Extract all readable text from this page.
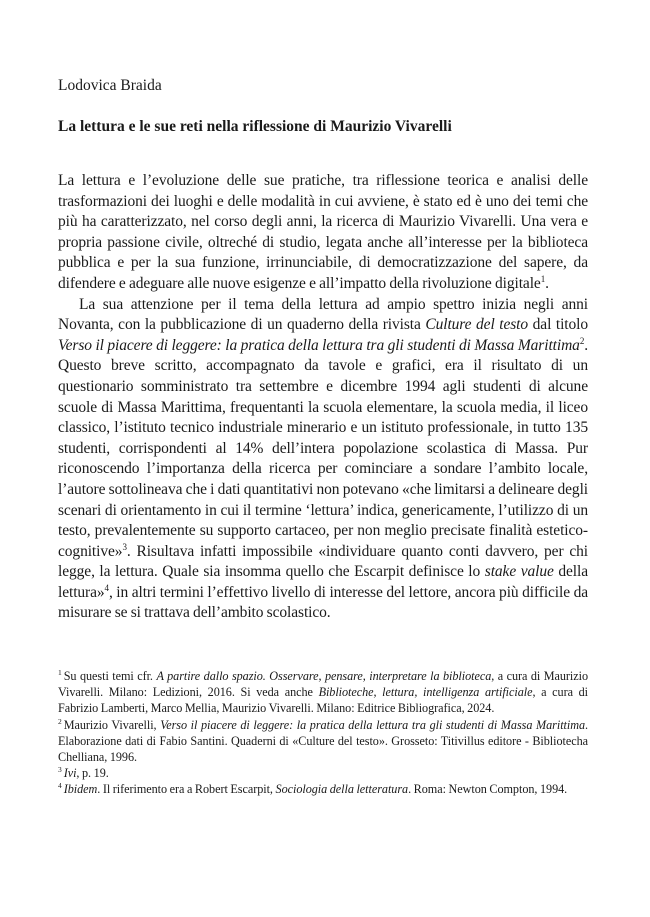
Lodovica Braida
La lettura e le sue reti nella riflessione di Maurizio Vivarelli

La lettura e l’evoluzione delle sue pratiche, tra riflessione teorica e analisi delle trasformazioni dei luoghi e delle modalità in cui avviene, è stato ed è uno dei temi che più ha caratterizzato, nel corso degli anni, la ricerca di Maurizio Vivarelli. Una vera e propria passione civile, oltreché di studio, legata anche all’interesse per la biblioteca pubblica e per la sua funzione, irrinunciabile, di democratizzazione del sapere, da difendere e adeguare alle nuove esigenze e all’impatto della rivoluzione digitale$^1$.

La sua attenzione per il tema della lettura ad ampio spettro inizia negli anni Novanta, con la pubblicazione di un quaderno della rivista Culture del testo dal titolo Verso il piacere di leggere: la pratica della lettura tra gli studenti di Massa Marittima$^2$. Questo breve scritto, accompagnato da tavole e grafici, era il risultato di un questionario somministrato tra settembre e dicembre 1994 agli studenti di alcune scuole di Massa Marittima, frequentanti la scuola elementare, la scuola media, il liceo classico, l’istituto tecnico industriale minerario e un istituto professionale, in tutto 135 studenti, corrispondenti al 14% dell’intera popolazione scolastica di Massa. Pur riconoscendo l’importanza della ricerca per cominciare a sondare l’ambito locale, l’autore sottolineava che i dati quantitativi non potevano «che limitarsi a delineare degli scenari di orientamento in cui il termine ‘lettura’ indica, genericamente, l’utilizzo di un testo, prevalentemente su supporto cartaceo, per non meglio precisate finalità estetico-cognitive»$^3$. Risultava infatti impossibile «individuare quanto conti davvero, per chi legge, la lettura. Quale sia insomma quello che Escarpit definisce lo stake value della lettura»$^4$, in altri termini l’effettivo livello di interesse del lettore, ancora più difficile da misurare se si trattava dell’ambito scolastico.

$^1$ Su questi temi cfr. A partire dallo spazio. Osservare, pensare, interpretare la biblioteca, a cura di Maurizio Vivarelli. Milano: Ledizioni, 2016. Si veda anche Biblioteche, lettura, intelligenza artificiale, a cura di Fabrizio Lamberti, Marco Mellia, Maurizio Vivarelli. Milano: Editrice Bibliografica, 2024.

$^2$ Maurizio Vivarelli, Verso il piacere di leggere: la pratica della lettura tra gli studenti di Massa Marittima. Elaborazione dati di Fabio Santini. Quaderni di «Culture del testo». Grosseto: Titivillus editore - Bibliotecha Chelliana, 1996.

$^3$ Ivi, p. 19.

$^4$ Ibidem. Il riferimento era a Robert Escarpit, Sociologia della letteratura. Roma: Newton Compton, 1994.
